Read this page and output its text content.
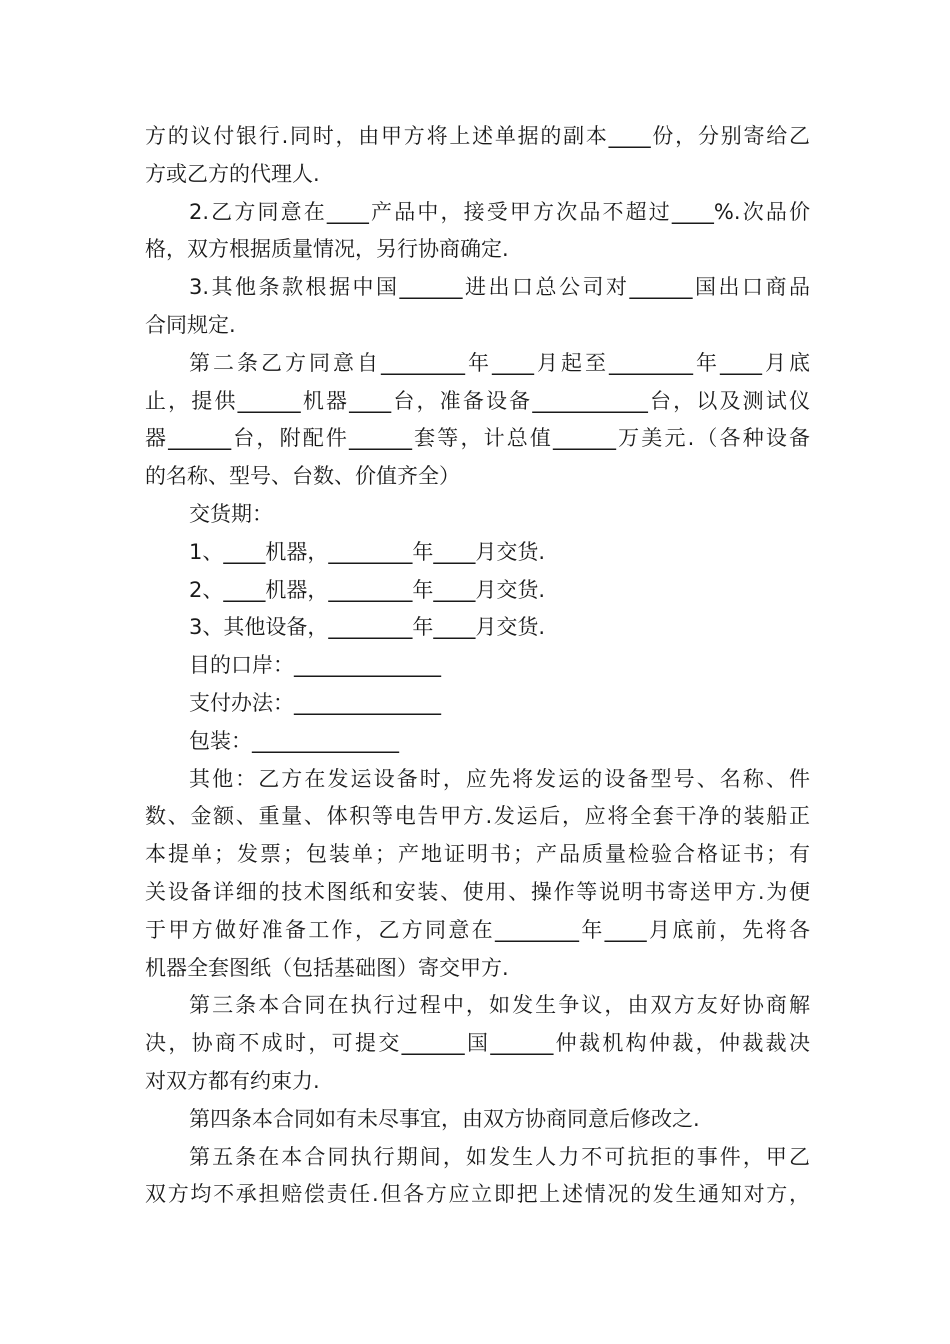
方的议付银行.同时，由甲方将上述单据的副本____份，分别寄给乙
方或乙方的代理人.
2.乙方同意在____产品中，接受甲方次品不超过____%.次品价
格，双方根据质量情况，另行协商确定.
3.其他条款根据中国______进出口总公司对______国出口商品
合同规定.
第二条乙方同意自________年____月起至________年____月底
止，提供______机器____台，准备设备___________台，以及测试仪
器______台，附配件______套等，计总值______万美元.（各种设备
的名称、型号、台数、价值齐全）
交货期：
1、____机器，________年____月交货.
2、____机器，________年____月交货.
3、其他设备，________年____月交货.
目的口岸：______________
支付办法：______________
包装：______________
其他：乙方在发运设备时，应先将发运的设备型号、名称、件
数、金额、重量、体积等电告甲方.发运后，应将全套干净的装船正
本提单；发票；包装单；产地证明书；产品质量检验合格证书；有
关设备详细的技术图纸和安装、使用、操作等说明书寄送甲方.为便
于甲方做好准备工作，乙方同意在________年____月底前，先将各
机器全套图纸（包括基础图）寄交甲方.
第三条本合同在执行过程中，如发生争议，由双方友好协商解
决，协商不成时，可提交______国______仲裁机构仲裁，仲裁裁决
对双方都有约束力.
第四条本合同如有未尽事宜，由双方协商同意后修改之.
第五条在本合同执行期间，如发生人力不可抗拒的事件，甲乙
双方均不承担赔偿责任.但各方应立即把上述情况的发生通知对方，
